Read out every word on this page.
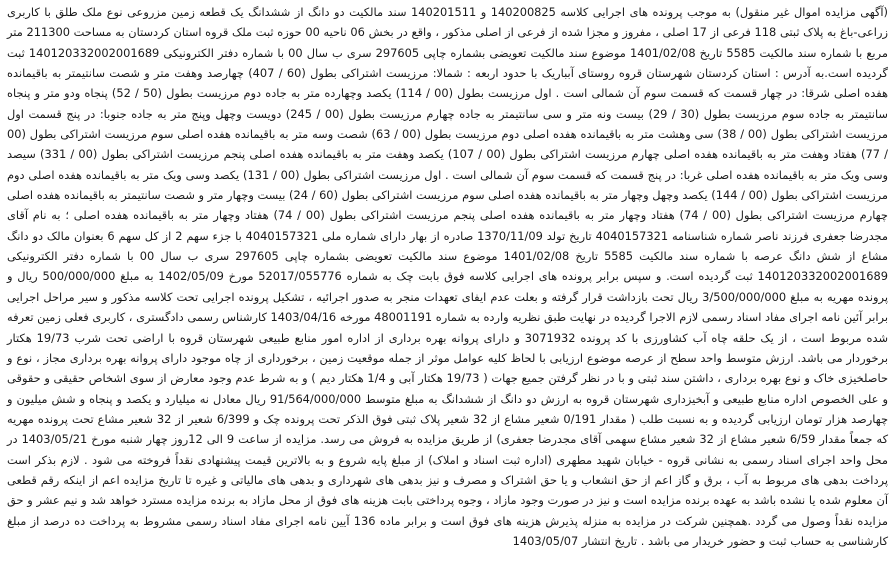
(آگهی مزایده اموال غیر منقول) به موجب پرونده های اجرایی کلاسه 140200825 و 140201511 سند مالکیت دو دانگ از ششدانگ یک قطعه زمین مزروعی نوع ملک طلق با کاربری زراعی-باغ به پلاک ثبتی 118 فرعی از 17 اصلی ، مفروز و مجزا شده از فرعی از اصلی مذکور ، واقع در بخش 06 ناحیه 00 حوزه ثبت ملک قروه استان کردستان به مساحت 211300 متر مربع با شماره سند مالکیت 5585 تاریخ 1401/02/08 موضوع سند مالکیت تعویضی بشماره چاپی 297605 سری ب سال 00 با شماره دفتر الکترونیکی 140120332002001689 ثبت گردیده است.به آدرس : استان کردستان شهرستان قروه روستای آبباریک با حدود اربعه : شمالا: مرزیست اشتراکی بطول (60 / 407) چهارصد وهفت متر و شصت سانتیمتر به باقیمانده هفده اصلی شرقا: در چهار قسمت که قسمت سوم آن شمالی است . اول مرزیست بطول (00 / 114) یکصد وچهارده متر به جاده دوم مرزیست بطول (50 / 52) پنجاه ودو متر و پنجاه سانتیمتر به جاده سوم مرزیست بطول (30 / 29) بیست ونه متر و سی سانتیمتر به جاده چهارم مرزیست بطول (00 / 245) دویست وچهل وپنج متر به جاده جنوبا: در پنج قسمت اول مرزیست اشتراکی بطول (00 / 38) سی وهشت متر به باقیمانده هفده اصلی دوم مرزیست بطول (00 / 63) شصت وسه متر به باقیمانده هفده اصلی سوم مرزیست اشتراکی بطول (00 / 77) هفتاد وهفت متر به باقیمانده هفده اصلی چهارم مرزیست اشتراکی بطول (00 / 107) یکصد وهفت متر به باقیمانده هفده اصلی پنجم مرزیست اشتراکی بطول (00 / 331) سیصد وسی ویک متر به باقیمانده هفده اصلی غربا: در پنج قسمت که قسمت سوم آن شمالی است . اول مرزیست اشتراکی بطول (00 / 131) یکصد وسی ویک متر به باقیمانده هفده اصلی دوم مرزیست اشتراکی بطول (00 / 144) یکصد وچهل وچهار متر به باقیمانده هفده اصلی سوم مرزیست اشتراکی بطول (60 / 24) بیست وچهار متر و شصت سانتیمتر به باقیمانده هفده اصلی چهارم مرزیست اشتراکی بطول (00 / 74) هفتاد وچهار متر به باقیمانده هفده اصلی پنجم مرزیست اشتراکی بطول (00 / 74) هفتاد وچهار متر به باقیمانده هفده اصلی ؛ به نام آقای مجدرضا جعفری فرزند ناصر شماره شناسنامه 4040157321 تاریخ تولد 1370/11/09 صادره از بهار دارای شماره ملی 4040157321 با جزء سهم 2 از کل سهم 6 بعنوان مالک دو دانگ مشاع از شش دانگ عرصه با شماره سند مالکیت 5585 تاریخ 1401/02/08 موضوع سند مالکیت تعویضی بشماره چاپی 297605 سری ب سال 00 با شماره دفتر الکترونیکی 140120332002001689 ثبت گردیده است. و سپس برابر پرونده های اجرایی کلاسه فوق بابت چک به شماره 52017/055776 مورخ 1402/05/09 به مبلغ 500/000/000 ریال و پرونده مهریه به مبلغ 3/500/000/000 ریال تحت بازداشت قرار گرفته و بعلت عدم ایفای تعهدات منجر به صدور اجرائیه ، تشکیل پرونده اجرایی تحت کلاسه مذکور و سیر مراحل اجرایی برابر آئین نامه اجرای مفاد اسناد رسمی لازم الاجرا گردیده در نهایت طبق نظریه وارده به شماره 48001191 مورخه 1403/04/16 کارشناس رسمی دادگستری ، کاربری فعلی زمین تعرفه شده مربوط است ، از یک حلقه چاه آب کشاورزی با کد پرونده 3071932 و دارای پروانه بهره برداری از اداره امور منابع طبیعی شهرستان قروه با اراضی تحت شرب 19/73 هکتار برخوردار می باشد. ارزش متوسط واحد سطح از عرصه موضوع ارزیابی با لحاظ کلیه عوامل موثر از جمله موقعیت زمین ، برخورداری از چاه موجود دارای پروانه بهره برداری مجاز ، نوع و حاصلخیزی خاک و نوع بهره برداری ، داشتن سند ثبتی و با در نظر گرفتن جمیع جهات ( 19/73 هکتار آبی و 1/4 هکتار دیم ) و به شرط عدم وجود معارض از سوی اشخاص حقیقی و حقوقی و علی الخصوص اداره منابع طبیعی و آبخیزداری شهرستان قروه به ارزش دو دانگ از ششدانگ به مبلغ متوسط 91/564/000/000 ریال معادل نه میلیارد و یکصد و پنجاه و شش میلیون و چهارصد هزار تومان ارزیابی گردیده و به نسبت طلب ( مقدار 0/191 شعیر مشاع از 32 شعیر پلاک ثبتی فوق الذکر تحت پرونده چک و 6/399 شعیر از 32 شعیر مشاع تحت پرونده مهریه که جمعاً مقدار 6/59 شعیر مشاع از 32 شعیر مشاع سهمی آقای مجدرضا جعفری) از طریق مزایده به فروش می رسد. مزایده از ساعت 9 الی 12روز چهار شنبه مورخ 1403/05/21 در محل واحد اجرای اسناد رسمی به نشانی قروه - خیابان شهید مطهری (اداره ثبت اسناد و املاک) از مبلغ پایه شروع و به بالاترین قیمت پیشنهادی نقداً فروخته می شود . لازم بذکر است پرداخت بدهی های مربوط به آب ، برق و گاز اعم از حق انشعاب و یا حق اشتراک و مصرف و نیز بدهی های شهرداری و بدهی های مالیاتی و غیره تا تاریخ مزایده اعم از اینکه رقم قطعی آن معلوم شده یا نشده باشد به عهده برنده مزایده است و نیز در صورت وجود مازاد ، وجوه پرداختی بابت هزینه های فوق از محل مازاد به برنده مزایده مسترد خواهد شد و نیم عشر و حق مزایده نقداً وصول می گردد .همچنین شرکت در مزایده به منزله پذیرش هزینه های فوق است و برابر ماده 136 آیین نامه اجرای مفاد اسناد رسمی مشروط به پرداخت ده درصد از مبلغ کارشناسی به حساب ثبت و حضور خریدار می باشد . تاریخ انتشار 1403/05/07
